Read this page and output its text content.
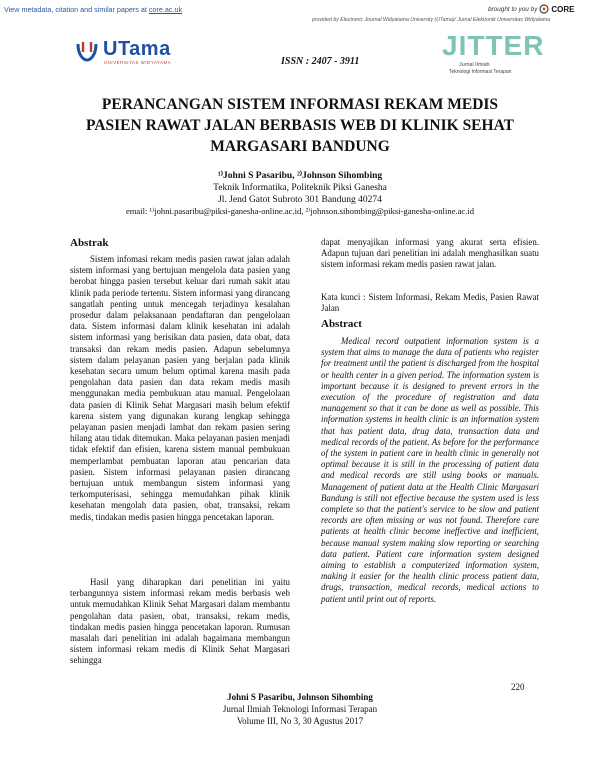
View metadata, citation and similar papers at core.ac.uk	brought to you by CORE
provided by Electronic Journal Widyatama University (UTama)/ Jurnal Elektronik Universitas Widyatama
UTama
UNIVERSITAS WIDYATAMA	ISSN : 2407 - 3911
JITTER
Jurnal Ilmiah
Teknologi Informasi Terapan
PERANCANGAN SISTEM INFORMASI REKAM MEDIS
PASIEN RAWAT JALAN BERBASIS WEB DI KLINIK SEHAT
MARGASARI BANDUNG
¹⁾Johni S Pasaribu, ²⁾Johnson Sihombing
Teknik Informatika, Politeknik Piksi Ganesha
Jl. Jend Gatot Subroto 301 Bandung 40274
email: ¹⁾johni.pasaribu@piksi-ganesha-online.ac.id, ²⁾johnson.sihombing@piksi-ganesha-online.ac.id
Abstrak

Sistem infomasi rekam medis pasien rawat jalan adalah sistem informasi yang bertujuan mengelola data pasien yang berobat hingga pasien tersebut keluar dari rumah sakit atau klinik pada periode tertentu. Sistem informasi yang dirancang sangatlah penting untuk mencegah terjadinya kesalahan prosedur dalam pelaksanaan pendaftaran dan pengelolaan data. Sistem informasi dalam klinik kesehatan ini adalah sistem informasi yang berisikan data pasien, data obat, data transaksi dan rekam medis pasien. Adapun sebelumnya sistem dalam pelayanan pasien yang berjalan pada klinik kesehatan secara umum belum optimal karena masih pada pengolahan data pasien dan data rekam medis masih menggunakan media pembukuan atau manual. Pengelolaan data pasien di Klinik Sehat Margasari masih belum efektif karena sistem yang digunakan kurang lengkap sehingga pelayanan pasien menjadi lambat dan rekam pasien sering hilang atau tidak ditemukan. Maka pelayanan pasien menjadi tidak efektif dan efisien, karena sistem manual pembukuan memperlambat pembuatan laporan atau pencarian data pasien. Sistem informasi pelayanan pasien dirancang bertujuan untuk membangun sistem informasi yang terkomputerisasi, sehingga memudahkan pihak klinik kesehatan mengolah data pasien, obat, transaksi, rekam medis, tindakan medis pasien hingga pencetakan laporan.

Hasil yang diharapkan dari penelitian ini yaitu terbangunnya sistem informasi rekam medis berbasis web untuk memudahkan Klinik Sehat Margasari dalam membantu pengolahan data pasien, obat, transaksi, rekam medis, tindakan medis pasien hingga pencetakan laporan. Rumusan masalah dari penelitian ini adalah bagaimana membangun sistem informasi rekam medis di Klinik Sehat Margasari sehingga

dapat menyajikan informasi yang akurat serta efisien. Adapun tujuan dari penelitian ini adalah menghasilkan suatu sistem informasi rekam medis pasien rawat jalan.

Kata kunci : Sistem Informasi, Rekam Medis, Pasien Rawat Jalan

Abstract

Medical record outpatient information system is a system that aims to manage the data of patients who register for treatment until the patient is discharged from the hospital or health center in a given period. The information system is important because it is designed to prevent errors in the execution of the procedure of registration and data management so that it can be done as well as possible. This information systems in health clinic is an information system that has patient data, drug data, transaction data and medical records of the patient. As before for the performance of the system in patient care in health clinic in generally not optimal because it is still in the processing of patient data and medical records are still using books or manuals. Management of patient data at the Health Clinic Margasari Bandung is still not effective because the system used is less complete so that the patient's service to be slow and patient records are often missing or was not found. Therefore care patients at health clinic become ineffective and inefficient, because manual system making slow reporting or searching data patient. Patient care information system designed aiming to establish a computerized information system, making it easier for the health clinic process patient data, drugs, transaction, medical records, medical actions to patient until print out of reports.

220
Johni S Pasaribu, Johnson Sihombing
Jurnal Ilmiah Teknologi Informasi Terapan
Volume III, No 3, 30 Agustus 2017
